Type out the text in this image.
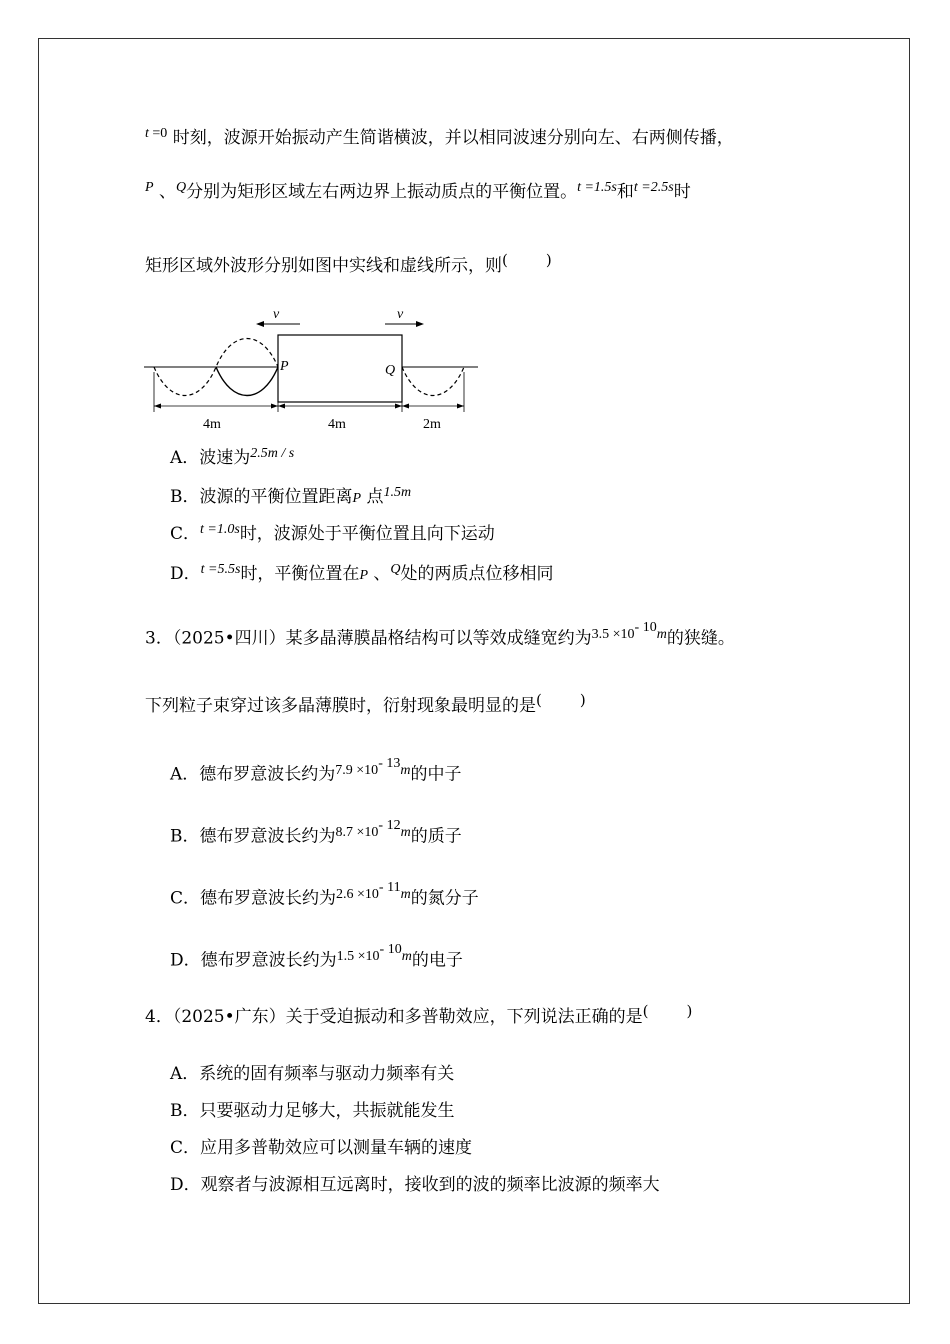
$^t$ $^{=0}$ 时刻，波源开始振动产生简谐横波，并以相同波速分别向左、右两侧传播，
$^P$ 、$^Q$分别为矩形区域左右两边界上振动质点的平衡位置。$^{t =1.5s}$和$^{t =2.5s}$时
矩形区域外波形分别如图中实线和虚线所示，则(	)
v	v
P	Q
4m	4m	2m
A．波速为$^{2.5m / s}$
B．波源的平衡位置距离P 点$^{1.5m}$
C．$^{t =1.0s}$时，波源处于平衡位置且向下运动
D．$^{t =5.5s}$时，平衡位置在P 、$^Q$处的两质点位移相同
3．（2025•四川）某多晶薄膜晶格结构可以等效成缝宽约为$^{3.5 \times 10- 10m}$的狭缝。
下列粒子束穿过该多晶薄膜时，衍射现象最明显的是(	)
A．德布罗意波长约为$^{7.9 \times 10- 13m}$的中子
B．德布罗意波长约为$^{8.7 \times 10- 12m}$的质子
C．德布罗意波长约为$^{2.6 \times 10- 11m}$的氮分子
D．德布罗意波长约为$^{1.5 \times 10- 10m}$的电子
4．（2025•广东）关于受迫振动和多普勒效应，下列说法正确的是(	)
A．系统的固有频率与驱动力频率有关
B．只要驱动力足够大，共振就能发生
C．应用多普勒效应可以测量车辆的速度
D．观察者与波源相互远离时，接收到的波的频率比波源的频率大
